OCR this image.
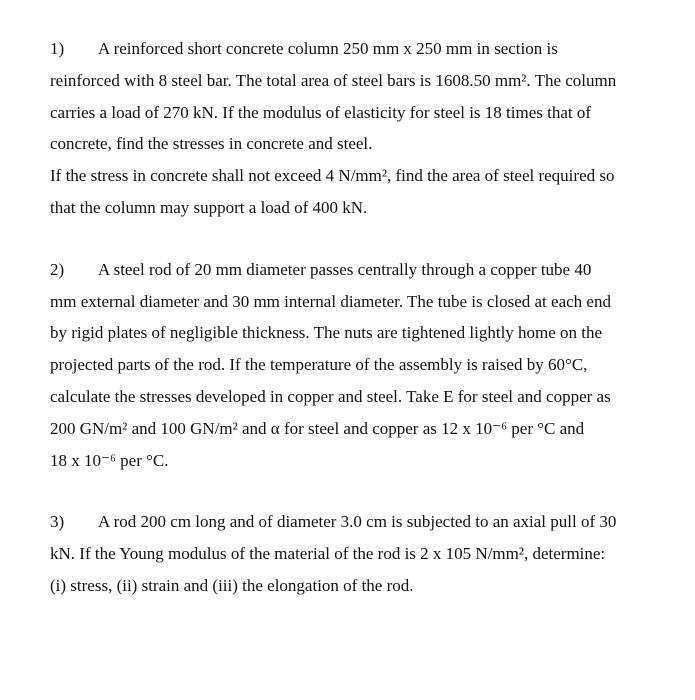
1) A reinforced short concrete column 250 mm x 250 mm in section is
reinforced with 8 steel bar. The total area of steel bars is 1608.50 mm². The column
carries a load of 270 kN. If the modulus of elasticity for steel is 18 times that of
concrete, find the stresses in concrete and steel.
If the stress in concrete shall not exceed 4 N/mm², find the area of steel required so
that the column may support a load of 400 kN.

2) A steel rod of 20 mm diameter passes centrally through a copper tube 40
mm external diameter and 30 mm internal diameter. The tube is closed at each end
by rigid plates of negligible thickness. The nuts are tightened lightly home on the
projected parts of the rod. If the temperature of the assembly is raised by 60°C,
calculate the stresses developed in copper and steel. Take E for steel and copper as
200 GN/m² and 100 GN/m² and α for steel and copper as 12 x 10⁻⁶ per °C and
18 x 10⁻⁶ per °C.

3) A rod 200 cm long and of diameter 3.0 cm is subjected to an axial pull of 30
kN. If the Young modulus of the material of the rod is 2 x 105 N/mm², determine:
(i) stress, (ii) strain and (iii) the elongation of the rod.
